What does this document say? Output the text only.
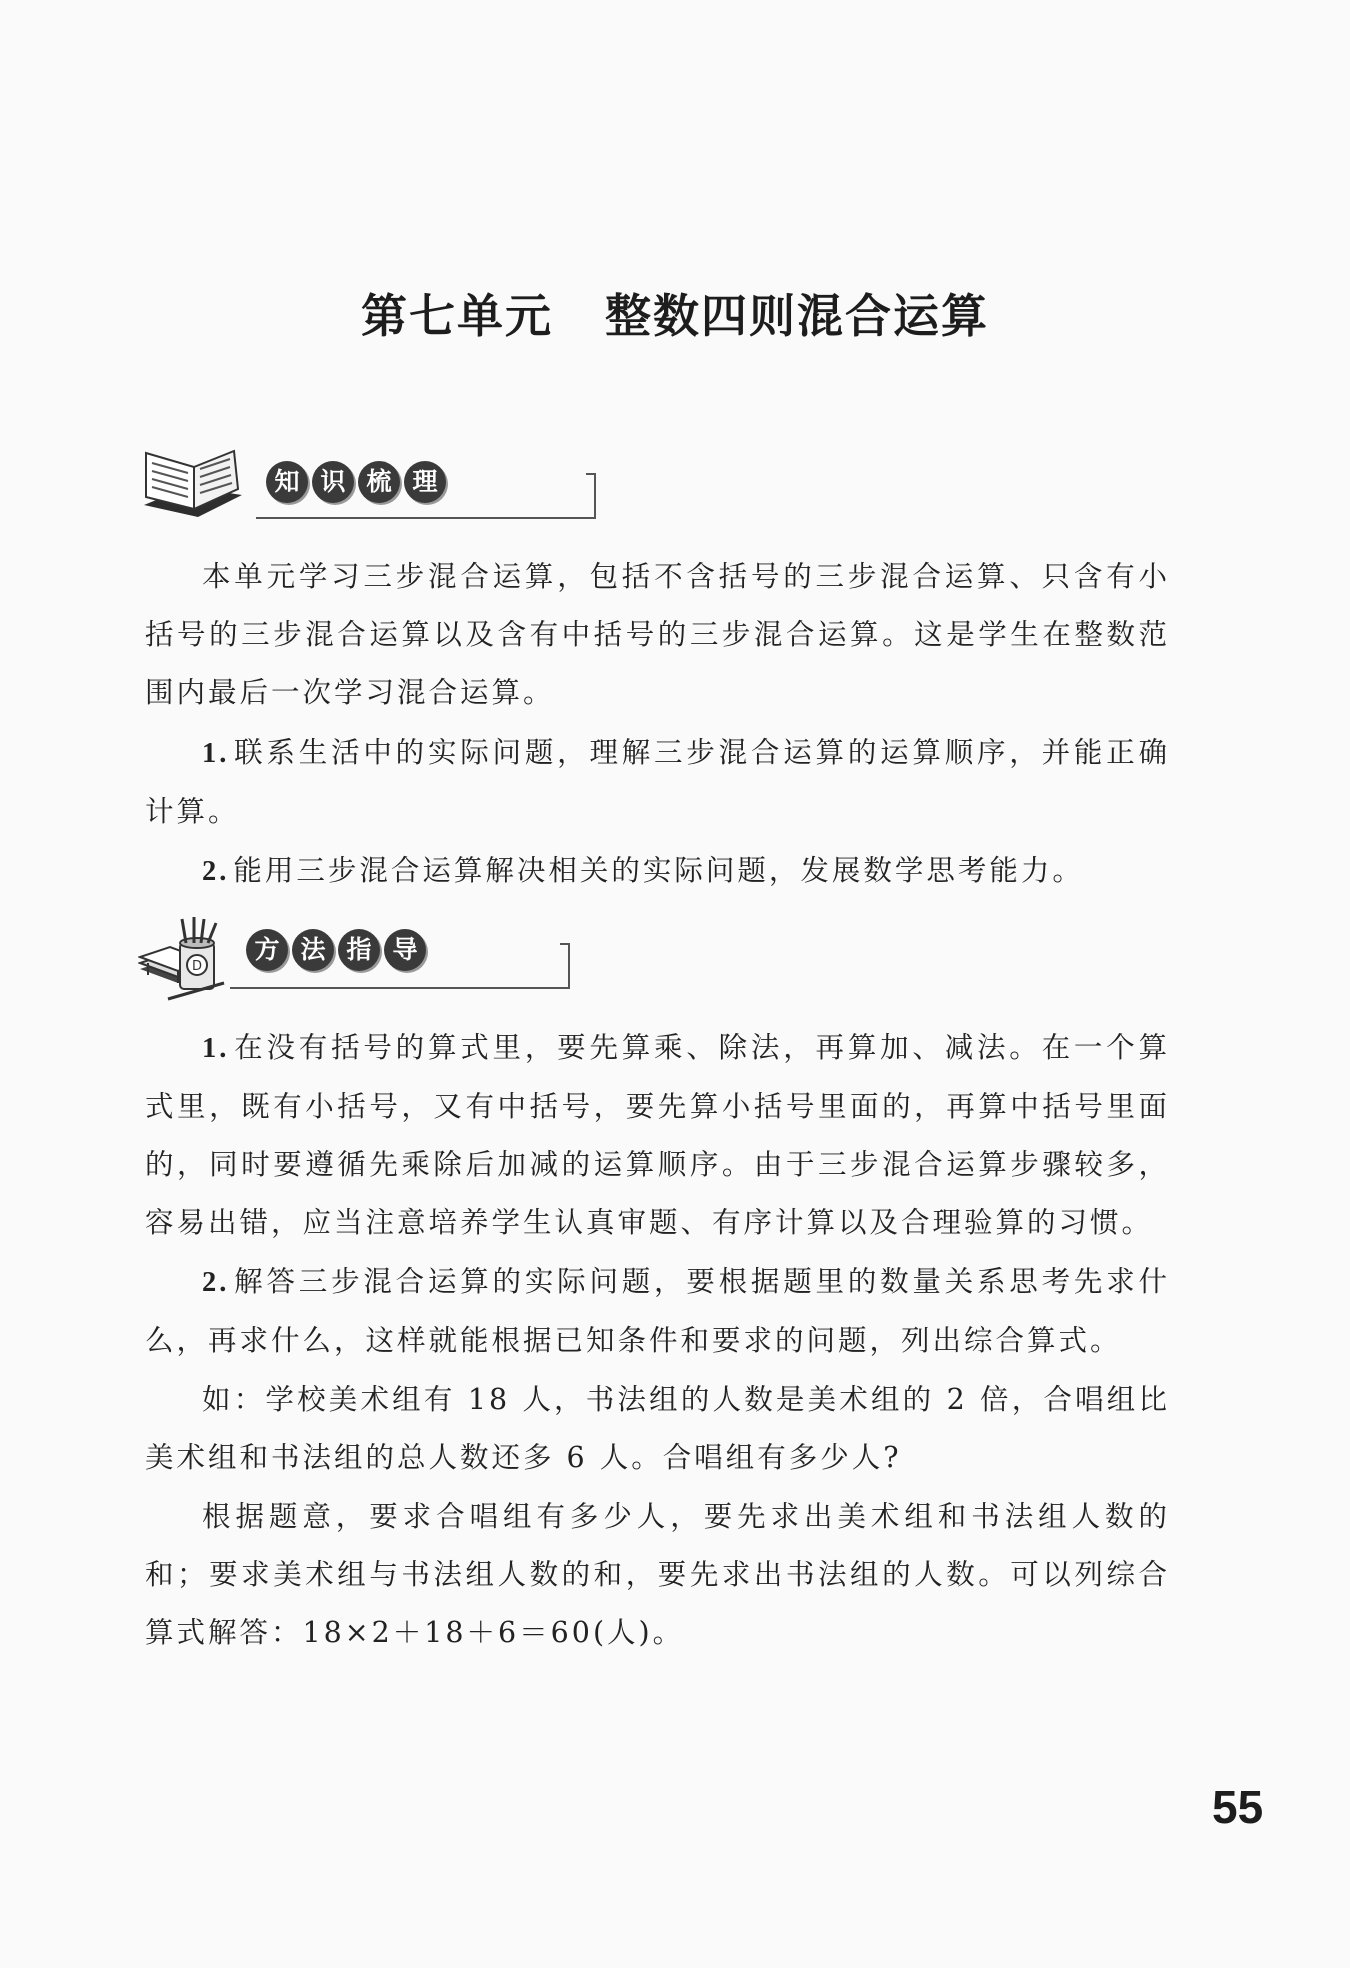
第七单元 整数四则混合运算
知 识 梳 理

本单元学习三步混合运算，包括不含括号的三步混合运算、只含有小括号的三步混合运算以及含有中括号的三步混合运算。这是学生在整数范围内最后一次学习混合运算。

1. 联系生活中的实际问题，理解三步混合运算的运算顺序，并能正确计算。

2. 能用三步混合运算解决相关的实际问题，发展数学思考能力。

D
方 法 指 导

1. 在没有括号的算式里，要先算乘、除法，再算加、减法。在一个算式里，既有小括号，又有中括号，要先算小括号里面的，再算中括号里面的，同时要遵循先乘除后加减的运算顺序。由于三步混合运算步骤较多，容易出错，应当注意培养学生认真审题、有序计算以及合理验算的习惯。

2. 解答三步混合运算的实际问题，要根据题里的数量关系思考先求什么，再求什么，这样就能根据已知条件和要求的问题，列出综合算式。

如：学校美术组有 18 人，书法组的人数是美术组的 2 倍，合唱组比美术组和书法组的总人数还多 6 人。合唱组有多少人?

根据题意，要求合唱组有多少人，要先求出美术组和书法组人数的和；要求美术组与书法组人数的和，要先求出书法组的人数。可以列综合算式解答：18×2＋18＋6＝60(人)。

55
